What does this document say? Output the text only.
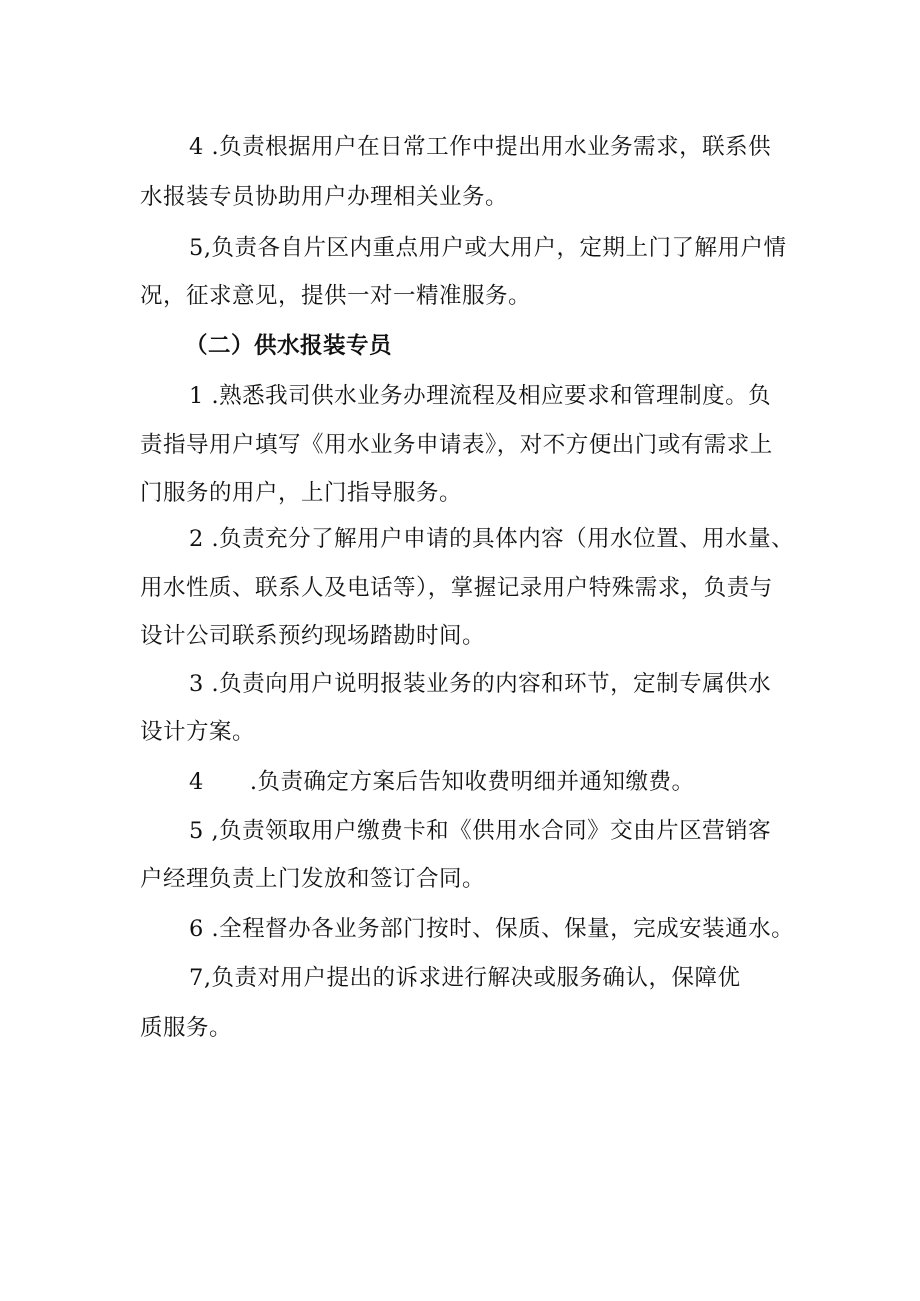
4 .负责根据用户在日常工作中提出用水业务需求，联系供
水报装专员协助用户办理相关业务。
5,负责各自片区内重点用户或大用户，定期上门了解用户情
况，征求意见，提供一对一精准服务。
（二）供水报装专员
1 .熟悉我司供水业务办理流程及相应要求和管理制度。负
责指导用户填写《用水业务申请表》，对不方便出门或有需求上
门服务的用户，上门指导服务。
2 .负责充分了解用户申请的具体内容（用水位置、用水量、
用水性质、联系人及电话等），掌握记录用户特殊需求，负责与
设计公司联系预约现场踏勘时间。
3 .负责向用户说明报装业务的内容和环节，定制专属供水
设计方案。
4　　.负责确定方案后告知收费明细并通知缴费。
5 ,负责领取用户缴费卡和《供用水合同》交由片区营销客
户经理负责上门发放和签订合同。
6 .全程督办各业务部门按时、保质、保量，完成安装通水。
7,负责对用户提出的诉求进行解决或服务确认，保障优
质服务。
